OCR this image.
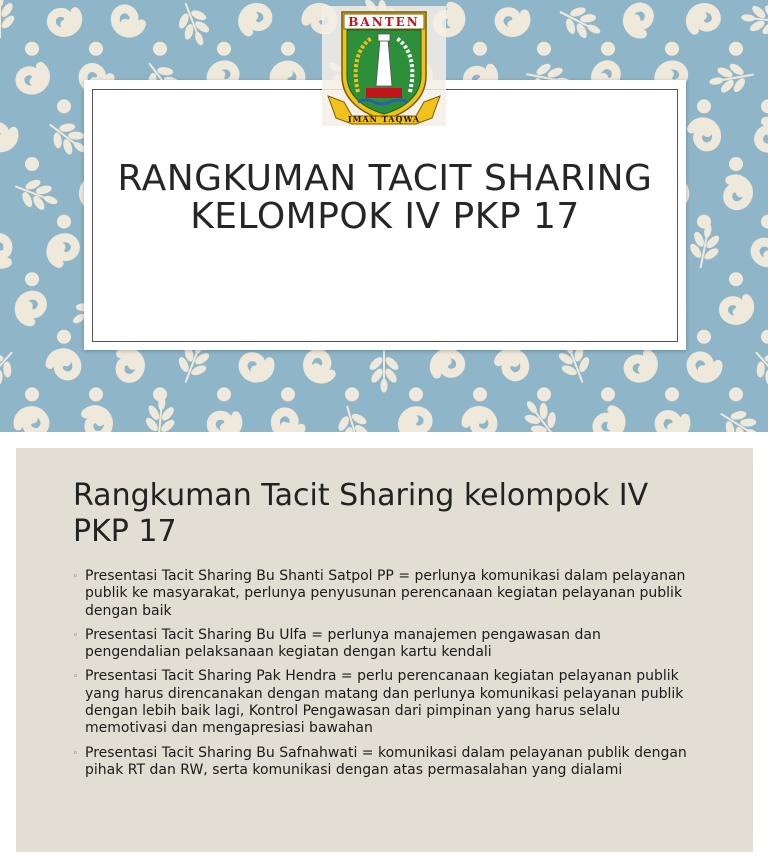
RANGKUMAN TACIT SHARING
KELOMPOK IV PKP 17
BANTEN
IMAN TAQWA
Rangkuman Tacit Sharing kelompok IV PKP 17
◦ Presentasi Tacit Sharing Bu Shanti Satpol PP = perlunya komunikasi dalam pelayanan publik ke masyarakat, perlunya penyusunan perencanaan kegiatan pelayanan publik dengan baik
◦ Presentasi Tacit Sharing Bu Ulfa = perlunya manajemen pengawasan dan pengendalian pelaksanaan kegiatan dengan kartu kendali
◦ Presentasi Tacit Sharing Pak Hendra = perlu perencanaan kegiatan pelayanan publik yang harus direncanakan dengan matang dan perlunya komunikasi pelayanan publik dengan lebih baik lagi, Kontrol Pengawasan dari pimpinan yang harus selalu memotivasi dan mengapresiasi bawahan
◦ Presentasi Tacit Sharing Bu Safnahwati = komunikasi dalam pelayanan publik dengan pihak RT dan RW, serta komunikasi dengan atas permasalahan yang dialami
